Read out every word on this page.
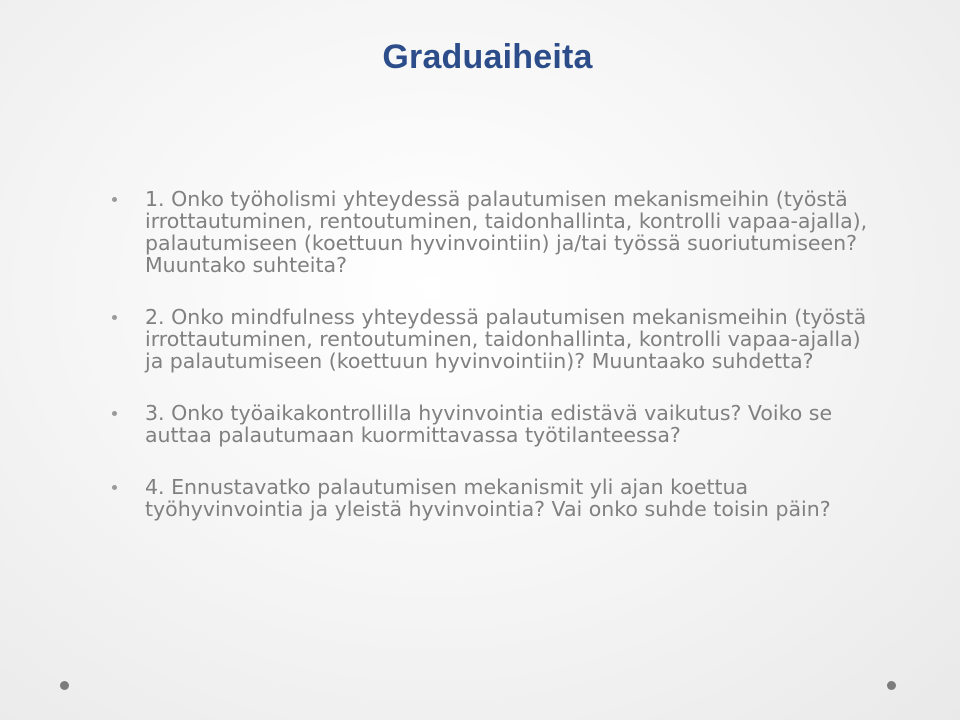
Graduaiheita
1. Onko työholismi yhteydessä palautumisen mekanismeihin (työstä irrottautuminen, rentoutuminen, taidonhallinta, kontrolli vapaa-ajalla), palautumiseen (koettuun hyvinvointiin) ja/tai työssä suoriutumiseen? Muuntako suhteita?
2. Onko mindfulness yhteydessä palautumisen mekanismeihin (työstä irrottautuminen, rentoutuminen, taidonhallinta, kontrolli vapaa-ajalla) ja palautumiseen (koettuun hyvinvointiin)? Muuntaako suhdetta?
3. Onko työaikakontrollilla hyvinvointia edistävä vaikutus? Voiko se auttaa palautumaan kuormittavassa työtilanteessa?
4. Ennustavatko palautumisen mekanismit yli ajan koettua työhyvinvointia ja yleistä hyvinvointia? Vai onko suhde toisin päin?
